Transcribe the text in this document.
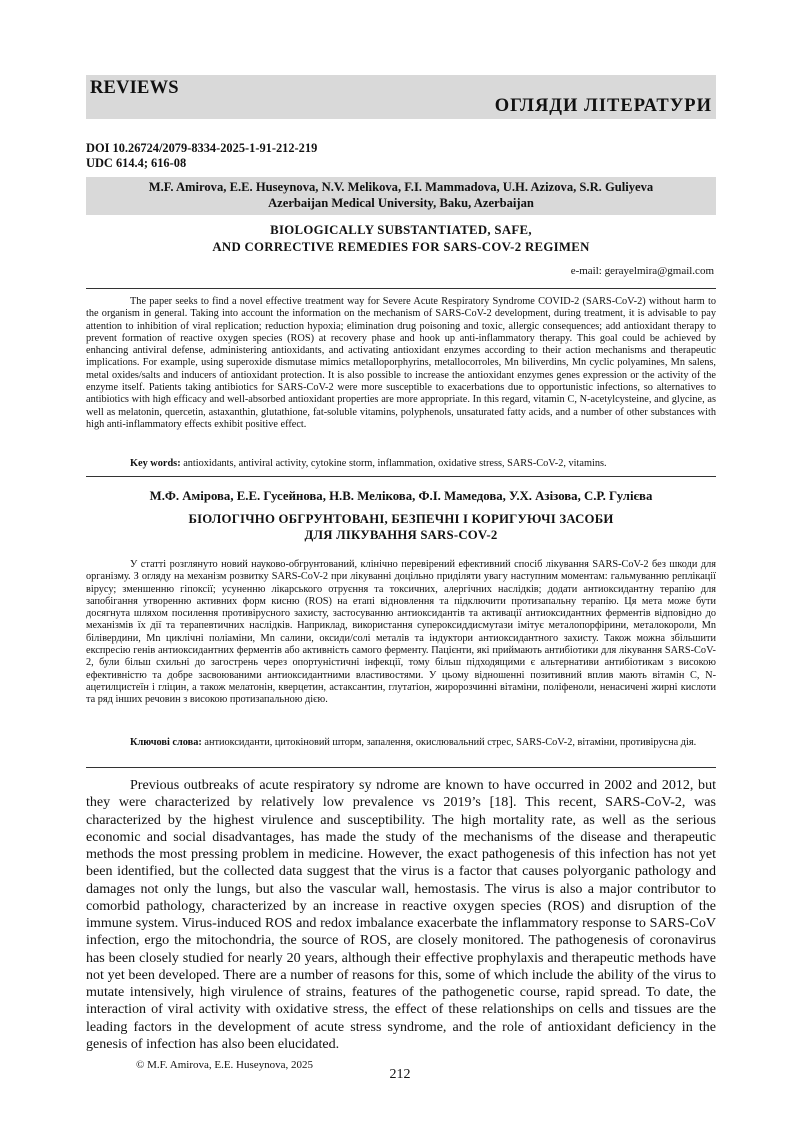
REVIEWS
ОГЛЯДИ ЛІТЕРАТУРИ
DOI 10.26724/2079-8334-2025-1-91-212-219
UDC 614.4; 616-08
M.F. Amirova, E.E. Huseynova, N.V. Melikova, F.I. Mammadova, U.H. Azizova, S.R. Guliyeva
Azerbaijan Medical University, Baku, Azerbaijan
BIOLOGICALLY SUBSTANTIATED, SAFE,
AND CORRECTIVE REMEDIES FOR SARS-COV-2 REGIMEN
e-mail: gerayelmira@gmail.com
The paper seeks to find a novel effective treatment way for Severe Acute Respiratory Syndrome COVID-2 (SARS-CoV-2) without harm to the organism in general. Taking into account the information on the mechanism of SARS-CoV-2 development, during treatment, it is advisable to pay attention to inhibition of viral replication; reduction hypoxia; elimination drug poisoning and toxic, allergic consequences; add antioxidant therapy to prevent formation of reactive oxygen species (ROS) at recovery phase and hook up anti-inflammatory therapy. This goal could be achieved by enhancing antiviral defense, administering antioxidants, and activating antioxidant enzymes according to their action mechanisms and therapeutic implications. For example, using superoxide dismutase mimics metalloporphyrins, metallocorroles, Mn biliverdins, Mn cyclic polyamines, Mn salens, metal oxides/salts and inducers of antioxidant protection. It is also possible to increase the antioxidant enzymes genes expression or the activity of the enzyme itself. Patients taking antibiotics for SARS-CoV-2 were more susceptible to exacerbations due to opportunistic infections, so alternatives to antibiotics with high efficacy and well-absorbed antioxidant properties are more appropriate. In this regard, vitamin C, N-acetylcysteine, and glycine, as well as melatonin, quercetin, astaxanthin, glutathione, fat-soluble vitamins, polyphenols, unsaturated fatty acids, and a number of other substances with high anti-inflammatory effects exhibit positive effect.
Key words: antioxidants, antiviral activity, cytokine storm, inflammation, oxidative stress, SARS-CoV-2, vitamins.
М.Ф. Амірова, Е.Е. Гусейнова, Н.В. Мелікова, Ф.І. Мамедова, У.Х. Азізова, С.Р. Гулієва
БІОЛОГІЧНО ОБГРУНТОВАНІ, БЕЗПЕЧНІ І КОРИГУЮЧІ ЗАСОБИ
ДЛЯ ЛІКУВАННЯ SARS-COV-2
У статті розглянуто новий науково-обгрунтований, клінічно перевірений ефективний спосіб лікування SARS-CoV-2 без шкоди для організму. З огляду на механізм розвитку SARS-CoV-2 при лікуванні доцільно приділяти увагу наступним моментам: гальмуванню реплікації вірусу; зменшенню гіпоксії; усуненню лікарського отруєння та токсичних, алергічних наслідків; додати антиоксидантну терапію для запобігання утворенню активних форм кисню (ROS) на етапі відновлення та підключити протизапальну терапію. Ця мета може бути досягнута шляхом посилення противірусного захисту, застосуванню антиоксидантів та активації антиоксидантних ферментів відповідно до механізмів їх дії та терапевтичних наслідків. Наприклад, використання супероксиддисмутази імітує металопорфірини, металокороли, Mn білівердини, Mn циклічні поліаміни, Mn салини, оксиди/солі металів та індуктори антиоксидантного захисту. Також можна збільшити експресію генів антиоксидантних ферментів або активність самого ферменту. Пацієнти, які приймають антибіотики для лікування SARS-CoV-2, були більш схильні до загострень через опортуністичні інфекції, тому більш підходящими є альтернативи антибіотикам з високою ефективністю та добре засвоюваними антиоксидантними властивостями. У цьому відношенні позитивний вплив мають вітамін С, N-ацетилцистеїн і гліцин, а також мелатонін, кверцетин, астаксантин, глутатіон, жиророзчинні вітаміни, поліфеноли, ненасичені жирні кислоти та ряд інших речовин з високою протизапальною дією.
Ключові слова: антиоксиданти, цитокіновий шторм, запалення, окислювальний стрес, SARS-CoV-2, вітаміни, противірусна дія.
Previous outbreaks of acute respiratory sy ndrome are known to have occurred in 2002 and 2012, but they were characterized by relatively low prevalence vs 2019’s [18]. This recent, SARS-CoV-2, was characterized by the highest virulence and susceptibility. The high mortality rate, as well as the serious economic and social disadvantages, has made the study of the mechanisms of the disease and therapeutic methods the most pressing problem in medicine. However, the exact pathogenesis of this infection has not yet been identified, but the collected data suggest that the virus is a factor that causes polyorganic pathology and damages not only the lungs, but also the vascular wall, hemostasis. The virus is also a major contributor to comorbid pathology, characterized by an increase in reactive oxygen species (ROS) and disruption of the immune system. Virus-induced ROS and redox imbalance exacerbate the inflammatory response to SARS-CoV infection, ergo the mitochondria, the source of ROS, are closely monitored. The pathogenesis of coronavirus has been closely studied for nearly 20 years, although their effective prophylaxis and therapeutic methods have not yet been developed. There are a number of reasons for this, some of which include the ability of the virus to mutate intensively, high virulence of strains, features of the pathogenetic course, rapid spread. To date, the interaction of viral activity with oxidative stress, the effect of these relationships on cells and tissues are the leading factors in the development of acute stress syndrome, and the role of antioxidant deficiency in the genesis of infection has also been elucidated.
© M.F. Amirova, E.E. Huseynova, 2025
212
